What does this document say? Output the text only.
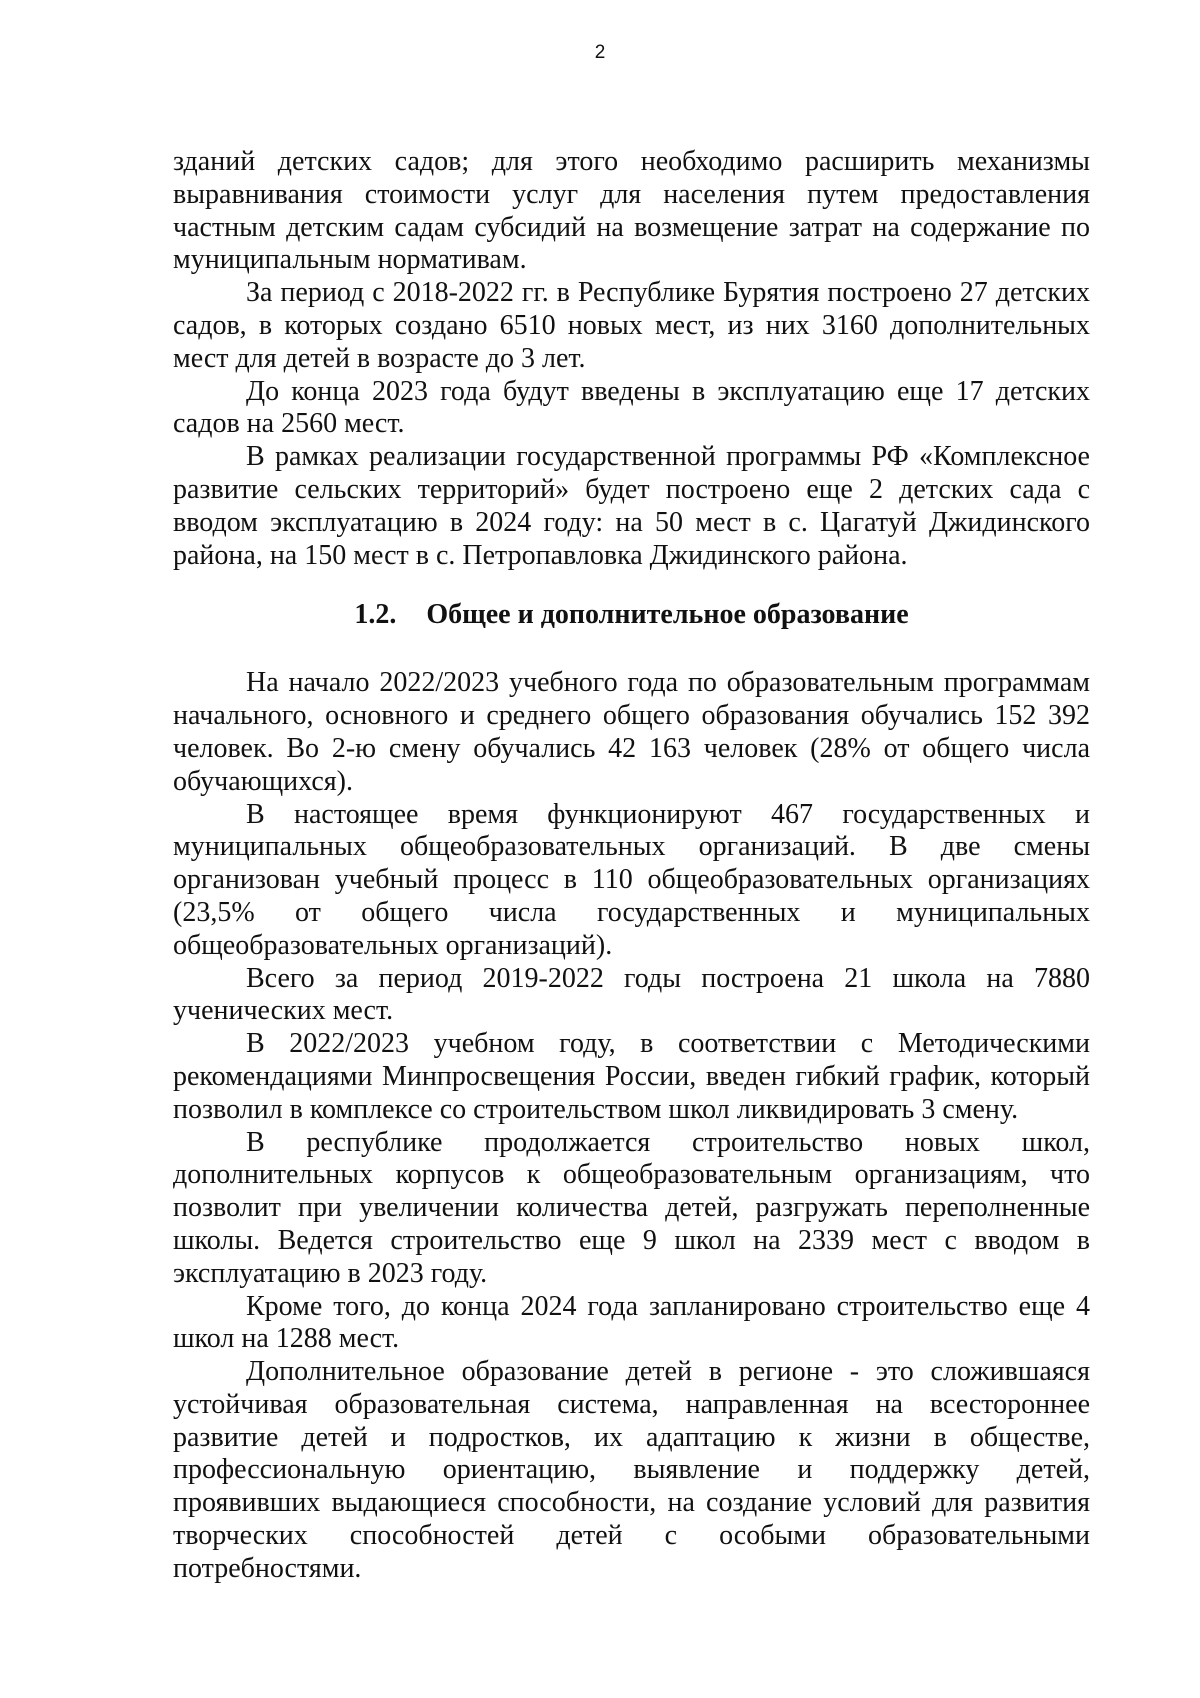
2

зданий детских садов; для этого необходимо расширить механизмы выравнивания стоимости услуг для населения путем предоставления частным детским садам субсидий на возмещение затрат на содержание по муниципальным нормативам.

За период с 2018-2022 гг. в Республике Бурятия построено 27 детских садов, в которых создано 6510 новых мест, из них 3160 дополнительных мест для детей в возрасте до 3 лет.

До конца 2023 года будут введены в эксплуатацию еще 17 детских садов на 2560 мест.

В рамках реализации государственной программы РФ «Комплексное развитие сельских территорий» будет построено еще 2 детских сада с вводом эксплуатацию в 2024 году: на 50 мест в с. Цагатуй Джидинского района, на 150 мест в с. Петропавловка Джидинского района.

1.2. Общее и дополнительное образование

На начало 2022/2023 учебного года по образовательным программам начального, основного и среднего общего образования обучались 152 392 человек. Во 2-ю смену обучались 42 163 человек (28% от общего числа обучающихся).

В настоящее время функционируют 467 государственных и муниципальных общеобразовательных организаций. В две смены организован учебный процесс в 110 общеобразовательных организациях (23,5% от общего числа государственных и муниципальных общеобразовательных организаций).

Всего за период 2019-2022 годы построена 21 школа на 7880 ученических мест.

В 2022/2023 учебном году, в соответствии с Методическими рекомендациями Минпросвещения России, введен гибкий график, который позволил в комплексе со строительством школ ликвидировать 3 смену.

В республике продолжается строительство новых школ, дополнительных корпусов к общеобразовательным организациям, что позволит при увеличении количества детей, разгружать переполненные школы. Ведется строительство еще 9 школ на 2339 мест с вводом в эксплуатацию в 2023 году.

Кроме того, до конца 2024 года запланировано строительство еще 4 школ на 1288 мест.

Дополнительное образование детей в регионе - это сложившаяся устойчивая образовательная система, направленная на всестороннее развитие детей и подростков, их адаптацию к жизни в обществе, профессиональную ориентацию, выявление и поддержку детей, проявивших выдающиеся способности, на создание условий для развития творческих способностей детей с особыми образовательными потребностями.
